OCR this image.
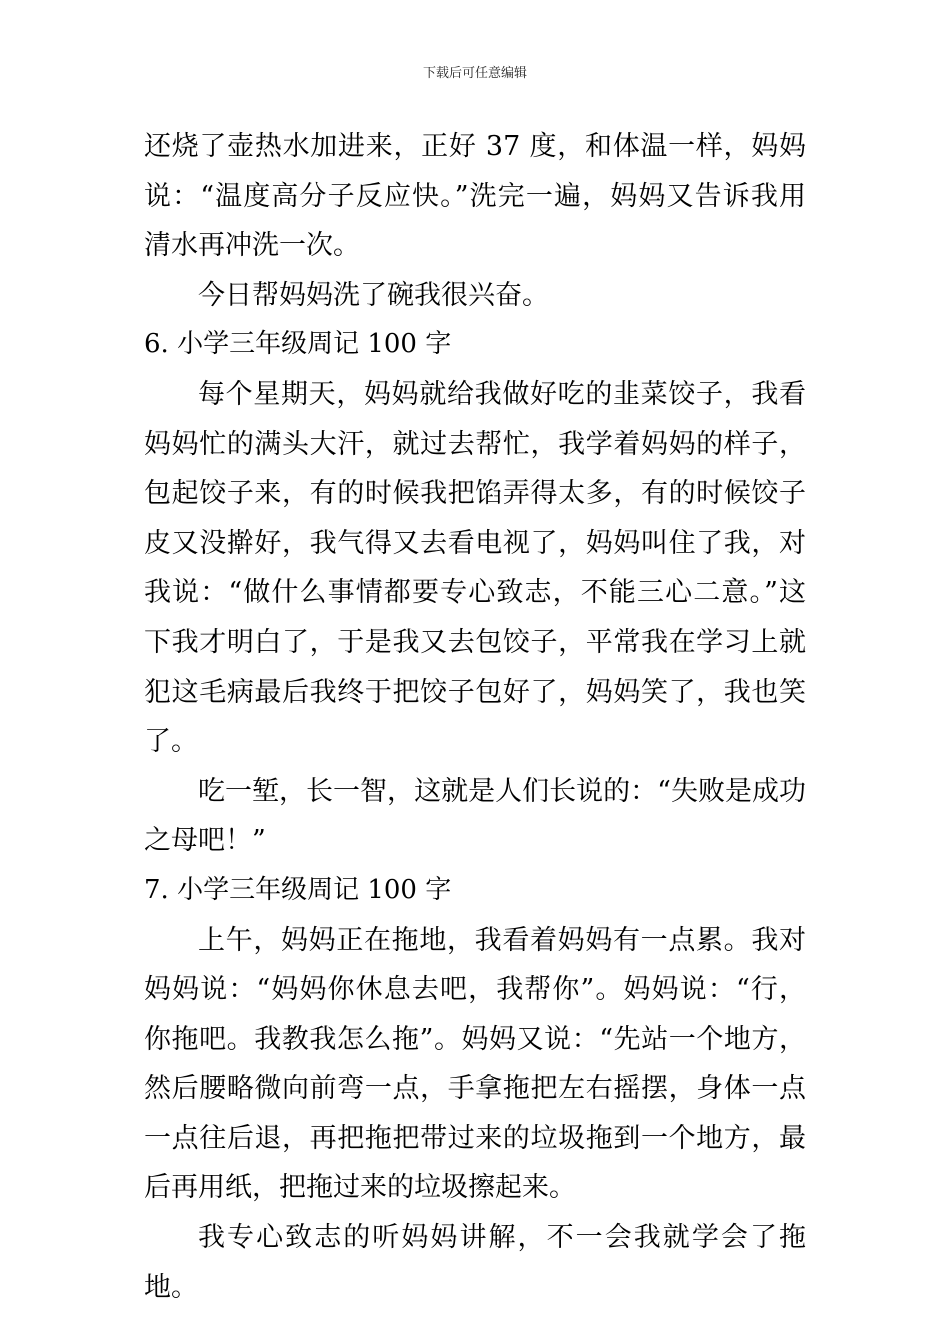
下载后可任意编辑

还烧了壶热水加进来，正好 37 度，和体温一样，妈妈说：“温度高分子反应快。”洗完一遍，妈妈又告诉我用清水再冲洗一次。

今日帮妈妈洗了碗我很兴奋。

6. 小学三年级周记 100 字

每个星期天，妈妈就给我做好吃的韭菜饺子，我看妈妈忙的满头大汗，就过去帮忙，我学着妈妈的样子，包起饺子来，有的时候我把馅弄得太多，有的时候饺子皮又没擀好，我气得又去看电视了，妈妈叫住了我，对我说：“做什么事情都要专心致志，不能三心二意。”这下我才明白了，于是我又去包饺子，平常我在学习上就犯这毛病最后我终于把饺子包好了，妈妈笑了，我也笑了。

吃一堑，长一智，这就是人们长说的：“失败是成功之母吧！”

7. 小学三年级周记 100 字

上午，妈妈正在拖地，我看着妈妈有一点累。我对妈妈说：“妈妈你休息去吧，我帮你”。妈妈说：“行，你拖吧。我教我怎么拖”。妈妈又说：“先站一个地方，然后腰略微向前弯一点，手拿拖把左右摇摆，身体一点一点往后退，再把拖把带过来的垃圾拖到一个地方，最后再用纸，把拖过来的垃圾擦起来。

我专心致志的听妈妈讲解，不一会我就学会了拖地。
